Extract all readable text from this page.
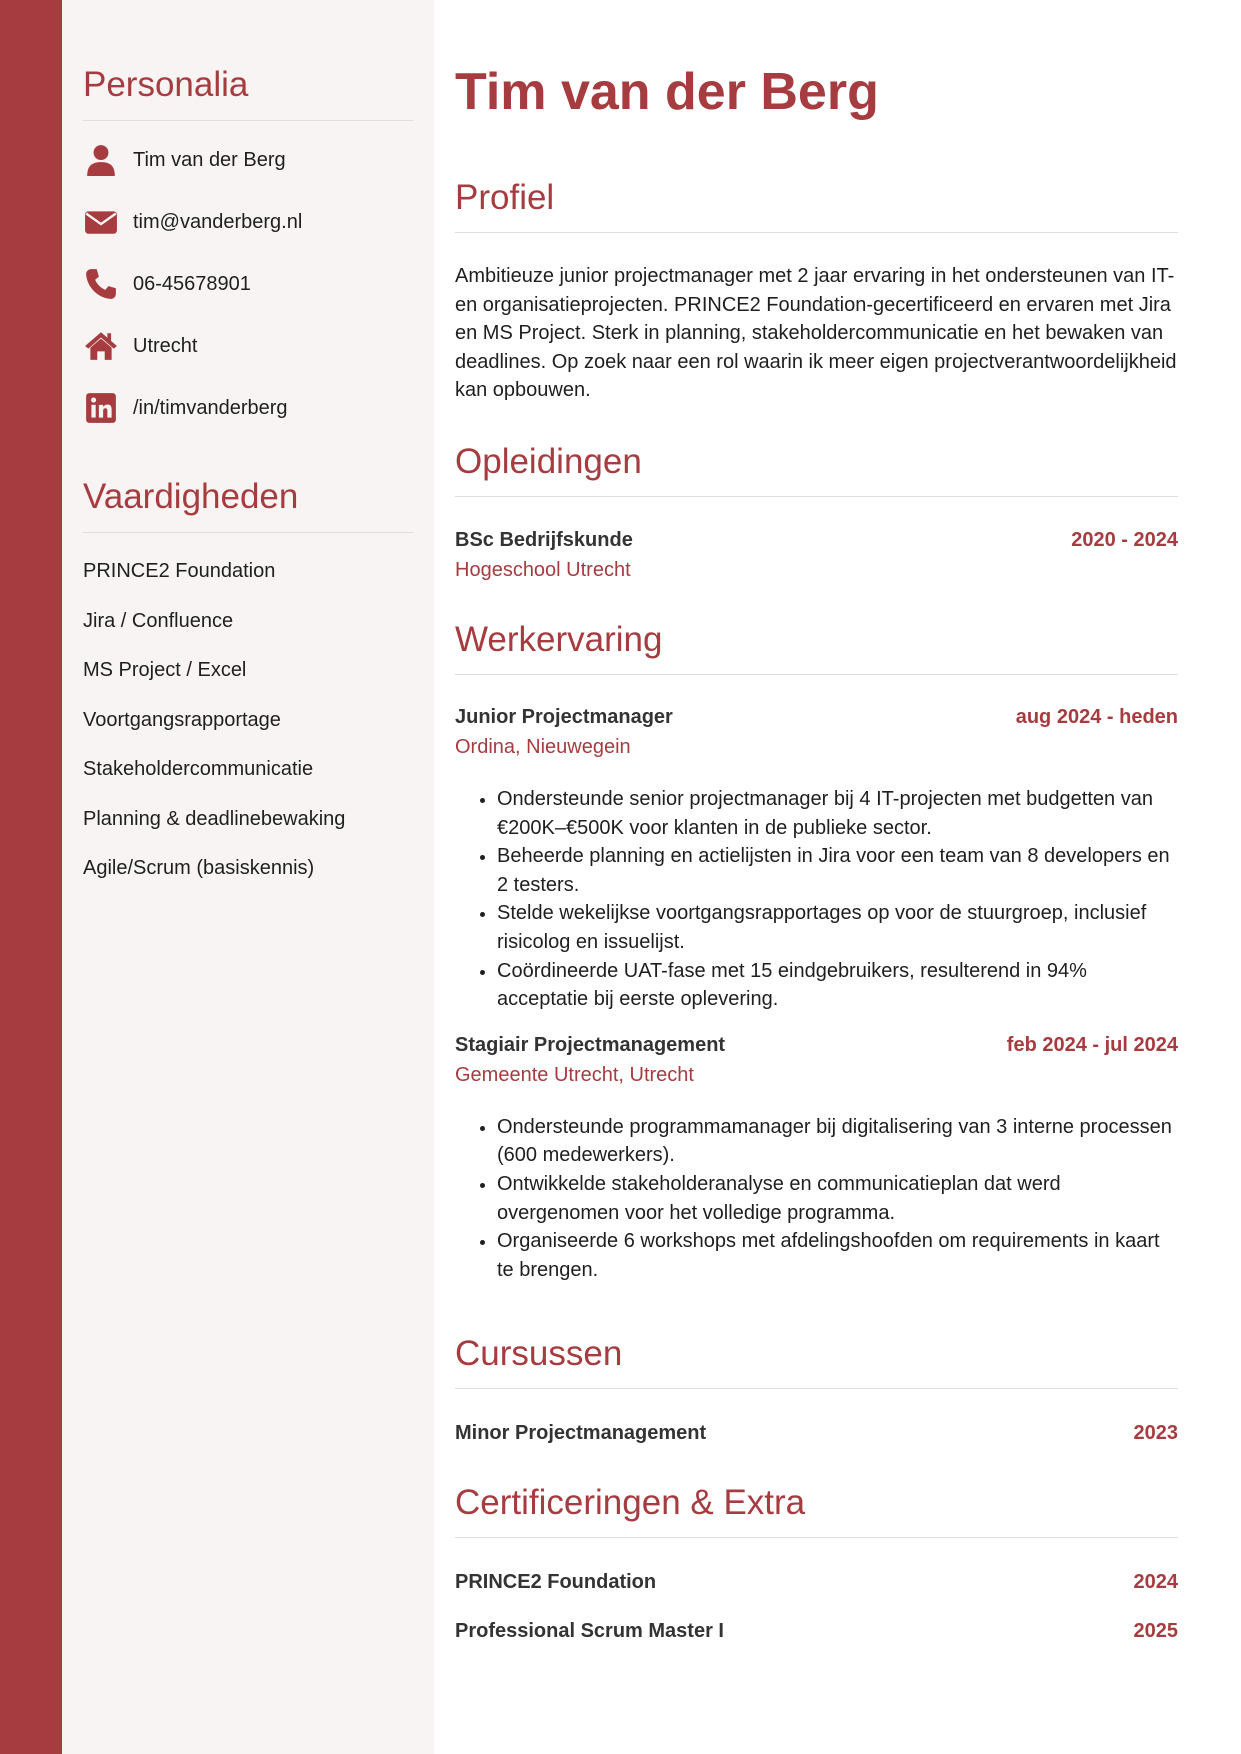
Personalia
Tim van der Berg
tim@vanderberg.nl
06-45678901
Utrecht
/in/timvanderberg
Vaardigheden
PRINCE2 Foundation
Jira / Confluence
MS Project / Excel
Voortgangsrapportage
Stakeholdercommunicatie
Planning & deadlinebewaking
Agile/Scrum (basiskennis)
Tim van der Berg
Profiel

Ambitieuze junior projectmanager met 2 jaar ervaring in het ondersteunen van IT- en organisatieprojecten. PRINCE2 Foundation-gecertificeerd en ervaren met Jira en MS Project. Sterk in planning, stakeholdercommunicatie en het bewaken van deadlines. Op zoek naar een rol waarin ik meer eigen projectverantwoordelijkheid kan opbouwen.

Opleidingen
BSc Bedrijfskunde	2020 - 2024
Hogeschool Utrecht
Werkervaring
Junior Projectmanager	aug 2024 - heden
Ordina, Nieuwegein
• Ondersteunde senior projectmanager bij 4 IT-projecten met budgetten van €200K–€500K voor klanten in de publieke sector.
• Beheerde planning en actielijsten in Jira voor een team van 8 developers en 2 testers.
• Stelde wekelijkse voortgangsrapportages op voor de stuurgroep, inclusief risicolog en issuelijst.
• Coördineerde UAT-fase met 15 eindgebruikers, resulterend in 94% acceptatie bij eerste oplevering.
Stagiair Projectmanagement	feb 2024 - jul 2024
Gemeente Utrecht, Utrecht
• Ondersteunde programmamanager bij digitalisering van 3 interne processen (600 medewerkers).
• Ontwikkelde stakeholderanalyse en communicatieplan dat werd overgenomen voor het volledige programma.
• Organiseerde 6 workshops met afdelingshoofden om requirements in kaart te brengen.
Cursussen
Minor Projectmanagement	2023
Certificeringen & Extra
PRINCE2 Foundation	2024
Professional Scrum Master I	2025
